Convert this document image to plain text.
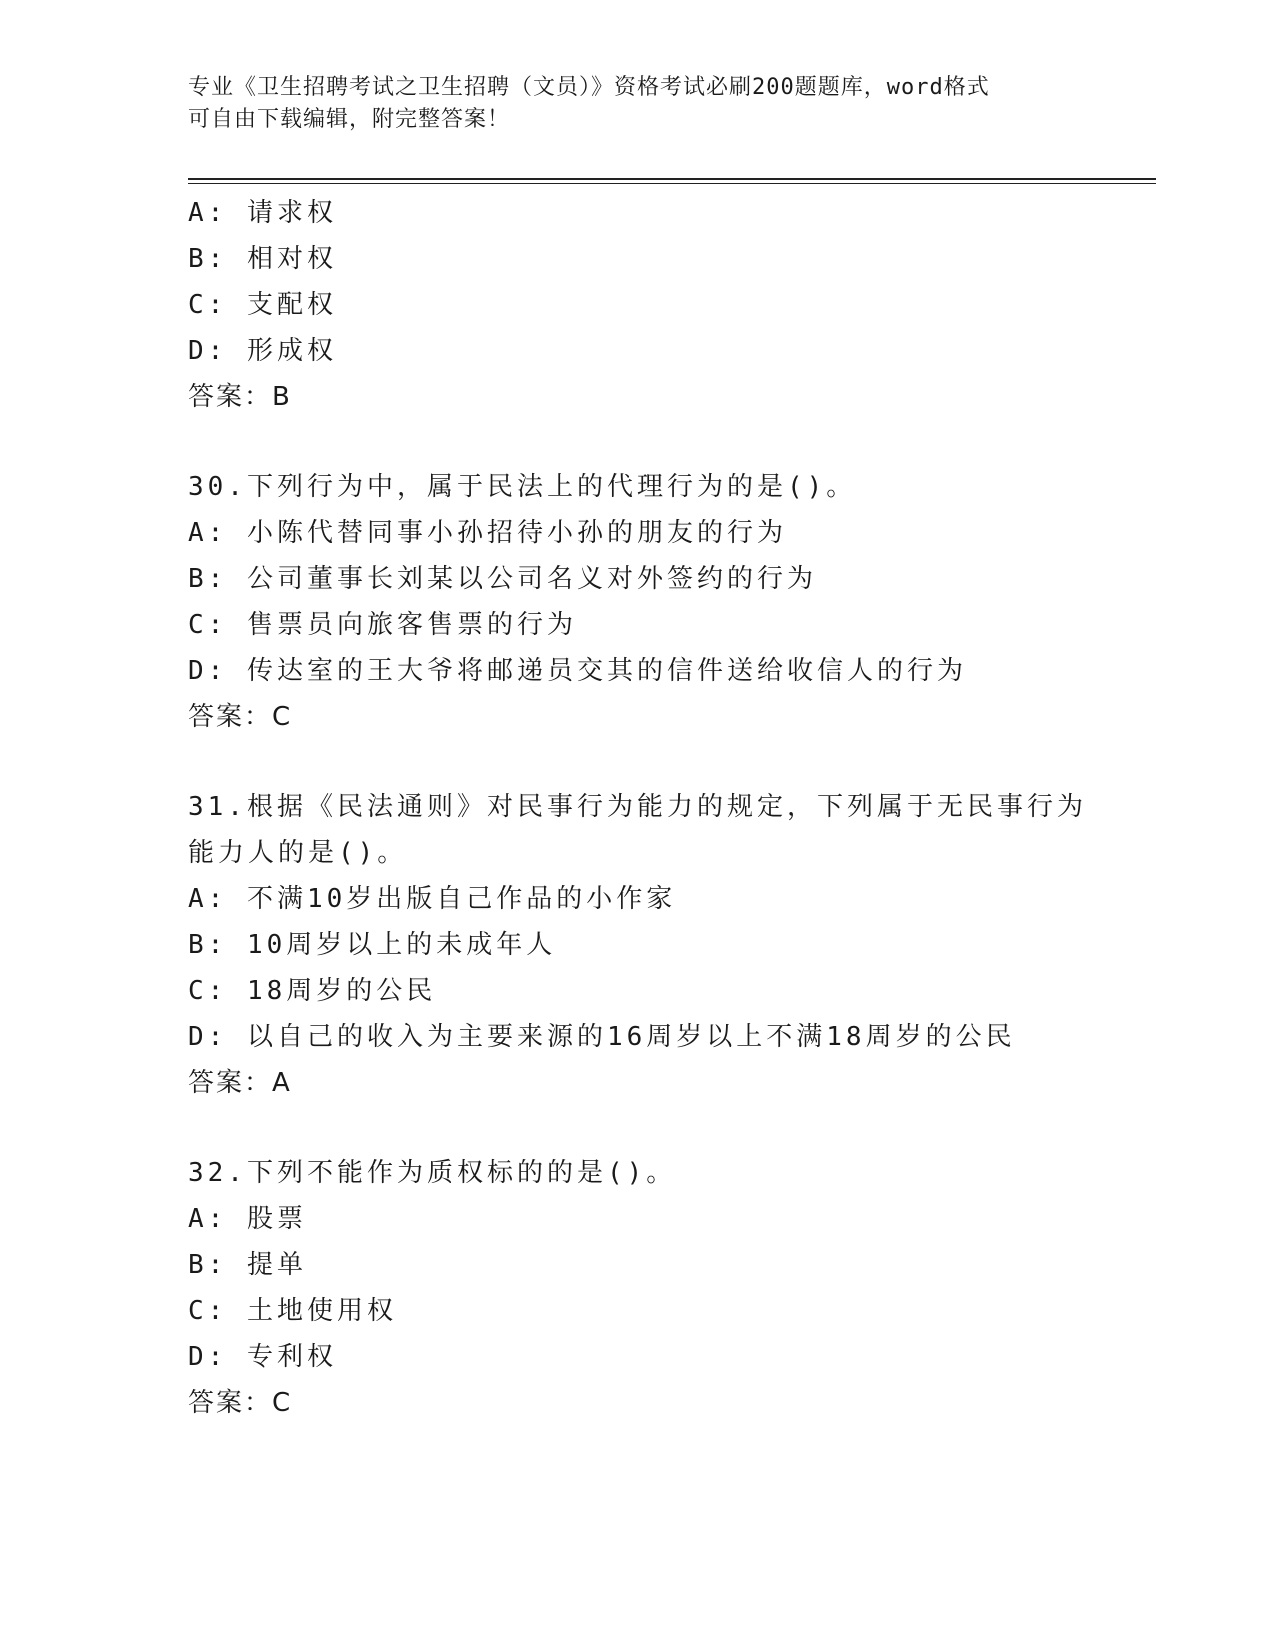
专业《卫生招聘考试之卫生招聘（文员）》资格考试必刷200题题库，word格式
可自由下载编辑，附完整答案！
A: 请求权
B: 相对权
C: 支配权
D: 形成权
答案：B
30.下列行为中，属于民法上的代理行为的是()。
A: 小陈代替同事小孙招待小孙的朋友的行为
B: 公司董事长刘某以公司名义对外签约的行为
C: 售票员向旅客售票的行为
D: 传达室的王大爷将邮递员交其的信件送给收信人的行为
答案：C
31.根据《民法通则》对民事行为能力的规定，下列属于无民事行为能力人的是()。
A: 不满10岁出版自己作品的小作家
B: 10周岁以上的未成年人
C: 18周岁的公民
D: 以自己的收入为主要来源的16周岁以上不满18周岁的公民
答案：A
32.下列不能作为质权标的的是()。
A: 股票
B: 提单
C: 土地使用权
D: 专利权
答案：C
